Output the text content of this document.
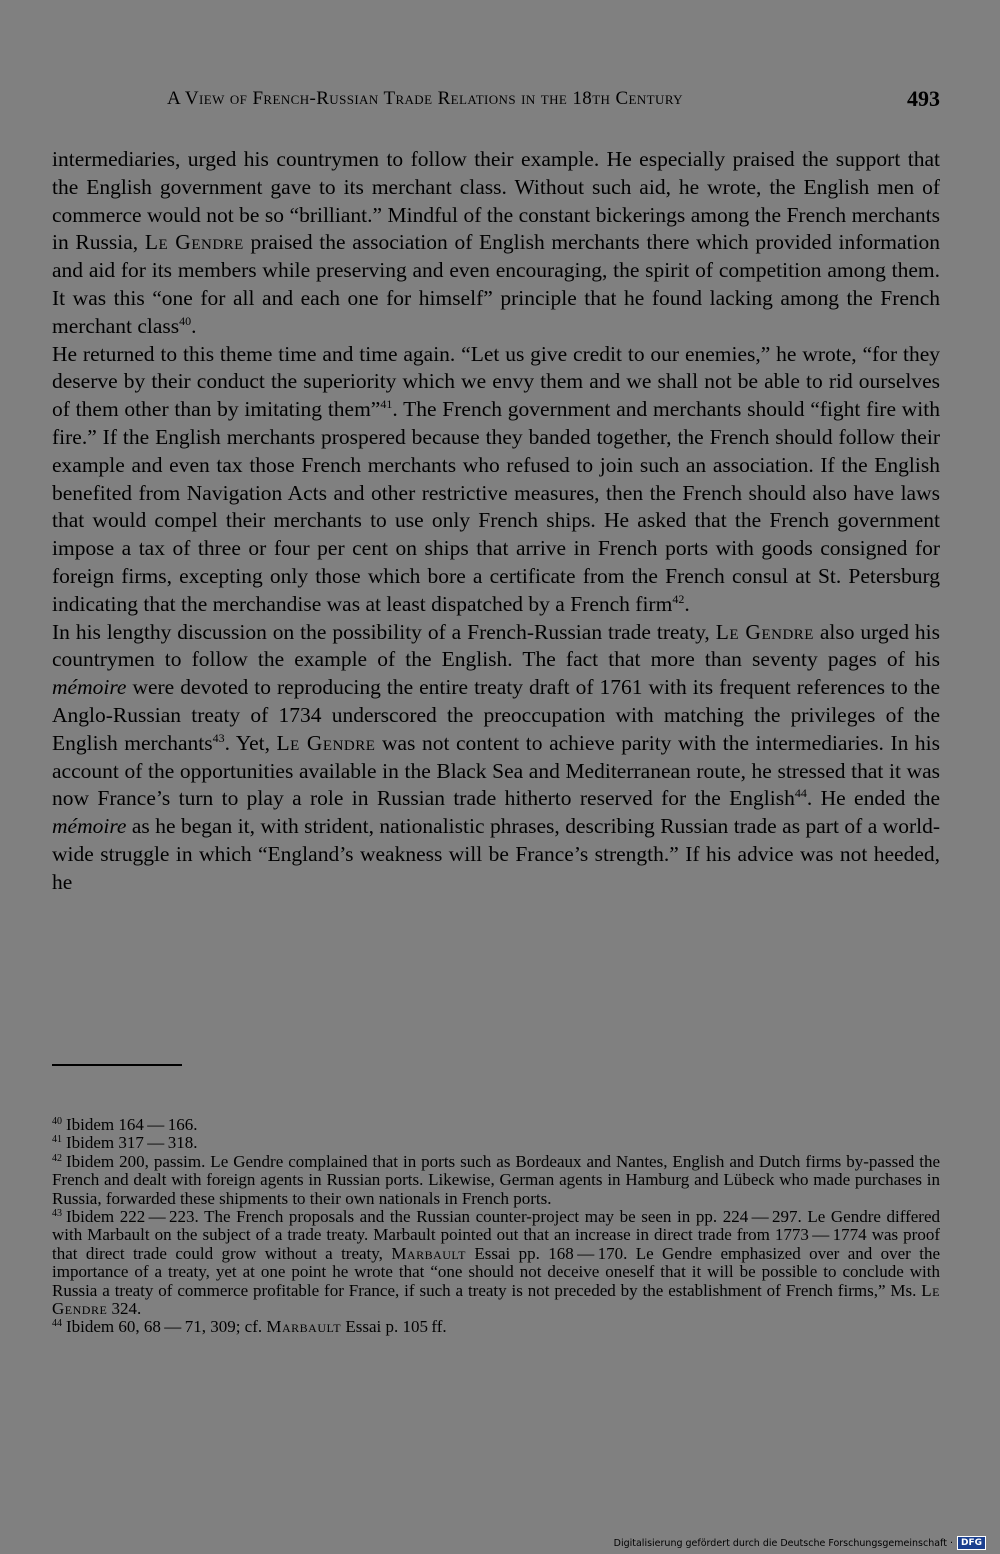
A View of French-Russian Trade Relations in the 18th Century	493

intermediaries, urged his countrymen to follow their example. He especially praised the support that the English government gave to its merchant class. Without such aid, he wrote, the English men of commerce would not be so “brilliant.” Mindful of the constant bickerings among the French merchants in Russia, Le Gendre praised the association of English merchants there which provided information and aid for its members while preserving and even encouraging, the spirit of competition among them. It was this “one for all and each one for himself” principle that he found lacking among the French merchant class$^{40}$.

He returned to this theme time and time again. “Let us give credit to our enemies,” he wrote, “for they deserve by their conduct the superiority which we envy them and we shall not be able to rid ourselves of them other than by imitating them”$^{41}$. The French government and merchants should “fight fire with fire.” If the English merchants prospered because they banded together, the French should follow their example and even tax those French merchants who refused to join such an association. If the English benefited from Navigation Acts and other restrictive measures, then the French should also have laws that would compel their merchants to use only French ships. He asked that the French government impose a tax of three or four per cent on ships that arrive in French ports with goods consigned for foreign firms, excepting only those which bore a certificate from the French consul at St. Petersburg indicating that the merchandise was at least dispatched by a French firm$^{42}$.

In his lengthy discussion on the possibility of a French-Russian trade treaty, Le Gendre also urged his countrymen to follow the example of the English. The fact that more than seventy pages of his mémoire were devoted to reproducing the entire treaty draft of 1761 with its frequent references to the Anglo-Russian treaty of 1734 underscored the preoccupation with matching the privileges of the English merchants$^{43}$. Yet, Le Gendre was not content to achieve parity with the intermediaries. In his account of the opportunities available in the Black Sea and Mediterranean route, he stressed that it was now France’s turn to play a role in Russian trade hitherto reserved for the English$^{44}$. He ended the mémoire as he began it, with strident, nationalistic phrases, describing Russian trade as part of a world-wide struggle in which “England’s weakness will be France’s strength.” If his advice was not heeded, he

$^{40}$ Ibidem 164 — 166.

$^{41}$ Ibidem 317 — 318.

$^{42}$ Ibidem 200, passim. Le Gendre complained that in ports such as Bordeaux and Nantes, English and Dutch firms by-passed the French and dealt with foreign agents in Russian ports. Likewise, German agents in Hamburg and Lübeck who made purchases in Russia, forwarded these shipments to their own nationals in French ports.

$^{43}$ Ibidem 222 — 223. The French proposals and the Russian counter-project may be seen in pp. 224 — 297. Le Gendre differed with Marbault on the subject of a trade treaty. Marbault pointed out that an increase in direct trade from 1773 — 1774 was proof that direct trade could grow without a treaty, Marbault Essai pp. 168 — 170. Le Gendre emphasized over and over the importance of a treaty, yet at one point he wrote that “one should not deceive oneself that it will be possible to conclude with Russia a treaty of commerce profitable for France, if such a treaty is not preceded by the establishment of French firms,” Ms. Le Gendre 324.

$^{44}$ Ibidem 60, 68 — 71, 309; cf. Marbault Essai p. 105 ff.

Digitalisierung gefördert durch die Deutsche Forschungsgemeinschaft · DFG
